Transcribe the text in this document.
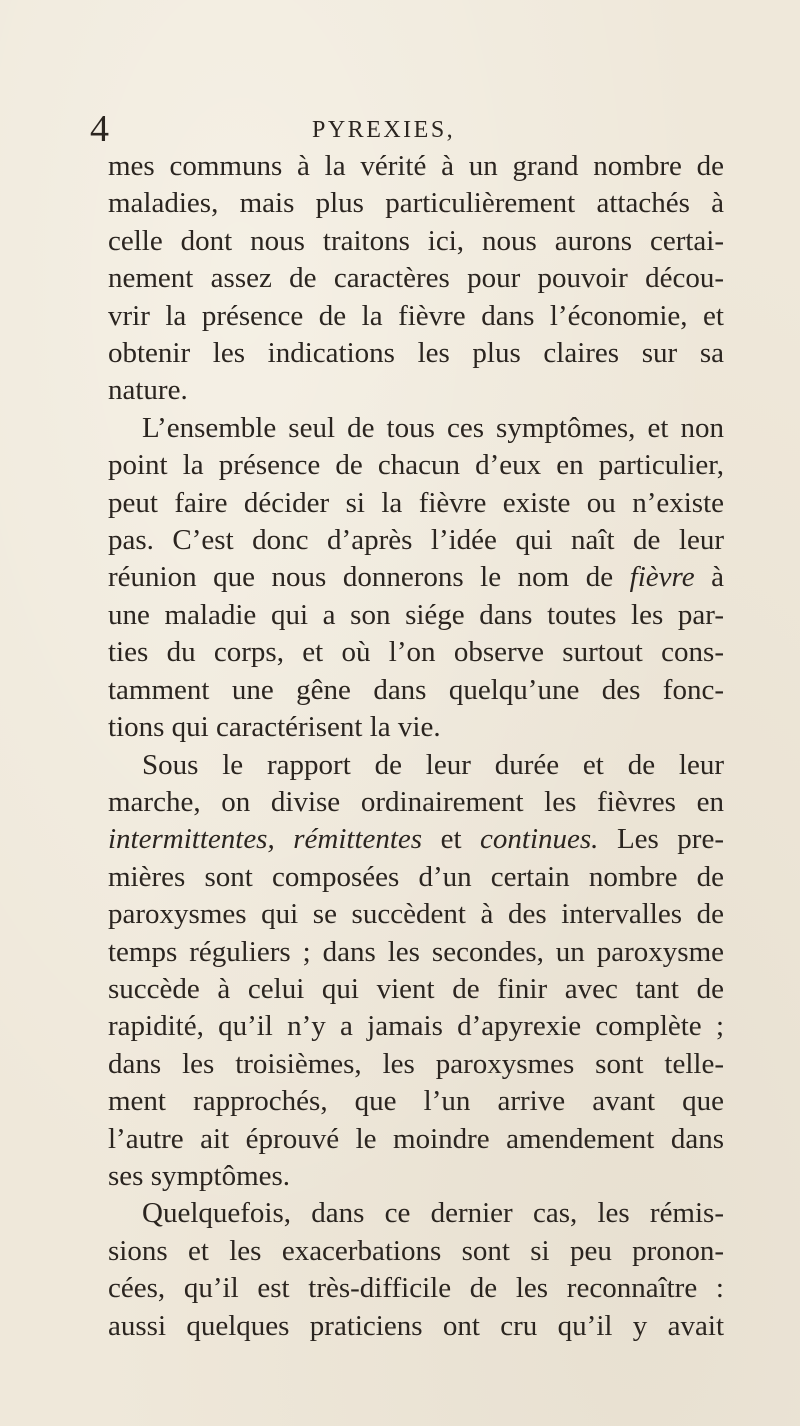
4	PYREXIES,

mes communs à la vérité à un grand nombre de
maladies, mais plus particulièrement attachés à
celle dont nous traitons ici, nous aurons certai-
nement assez de caractères pour pouvoir décou-
vrir la présence de la fièvre dans l’économie, et
obtenir les indications les plus claires sur sa
nature.

L’ensemble seul de tous ces symptômes, et non
point la présence de chacun d’eux en particulier,
peut faire décider si la fièvre existe ou n’existe
pas. C’est donc d’après l’idée qui naît de leur
réunion que nous donnerons le nom de fièvre à
une maladie qui a son siége dans toutes les par-
ties du corps, et où l’on observe surtout cons-
tamment une gêne dans quelqu’une des fonc-
tions qui caractérisent la vie.

Sous le rapport de leur durée et de leur
marche, on divise ordinairement les fièvres en
intermittentes, rémittentes et continues. Les pre-
mières sont composées d’un certain nombre de
paroxysmes qui se succèdent à des intervalles de
temps réguliers ; dans les secondes, un paroxysme
succède à celui qui vient de finir avec tant de
rapidité, qu’il n’y a jamais d’apyrexie complète ;
dans les troisièmes, les paroxysmes sont telle-
ment rapprochés, que l’un arrive avant que
l’autre ait éprouvé le moindre amendement dans
ses symptômes.

Quelquefois, dans ce dernier cas, les rémis-
sions et les exacerbations sont si peu pronon-
cées, qu’il est très-difficile de les reconnaître :
aussi quelques praticiens ont cru qu’il y avait
